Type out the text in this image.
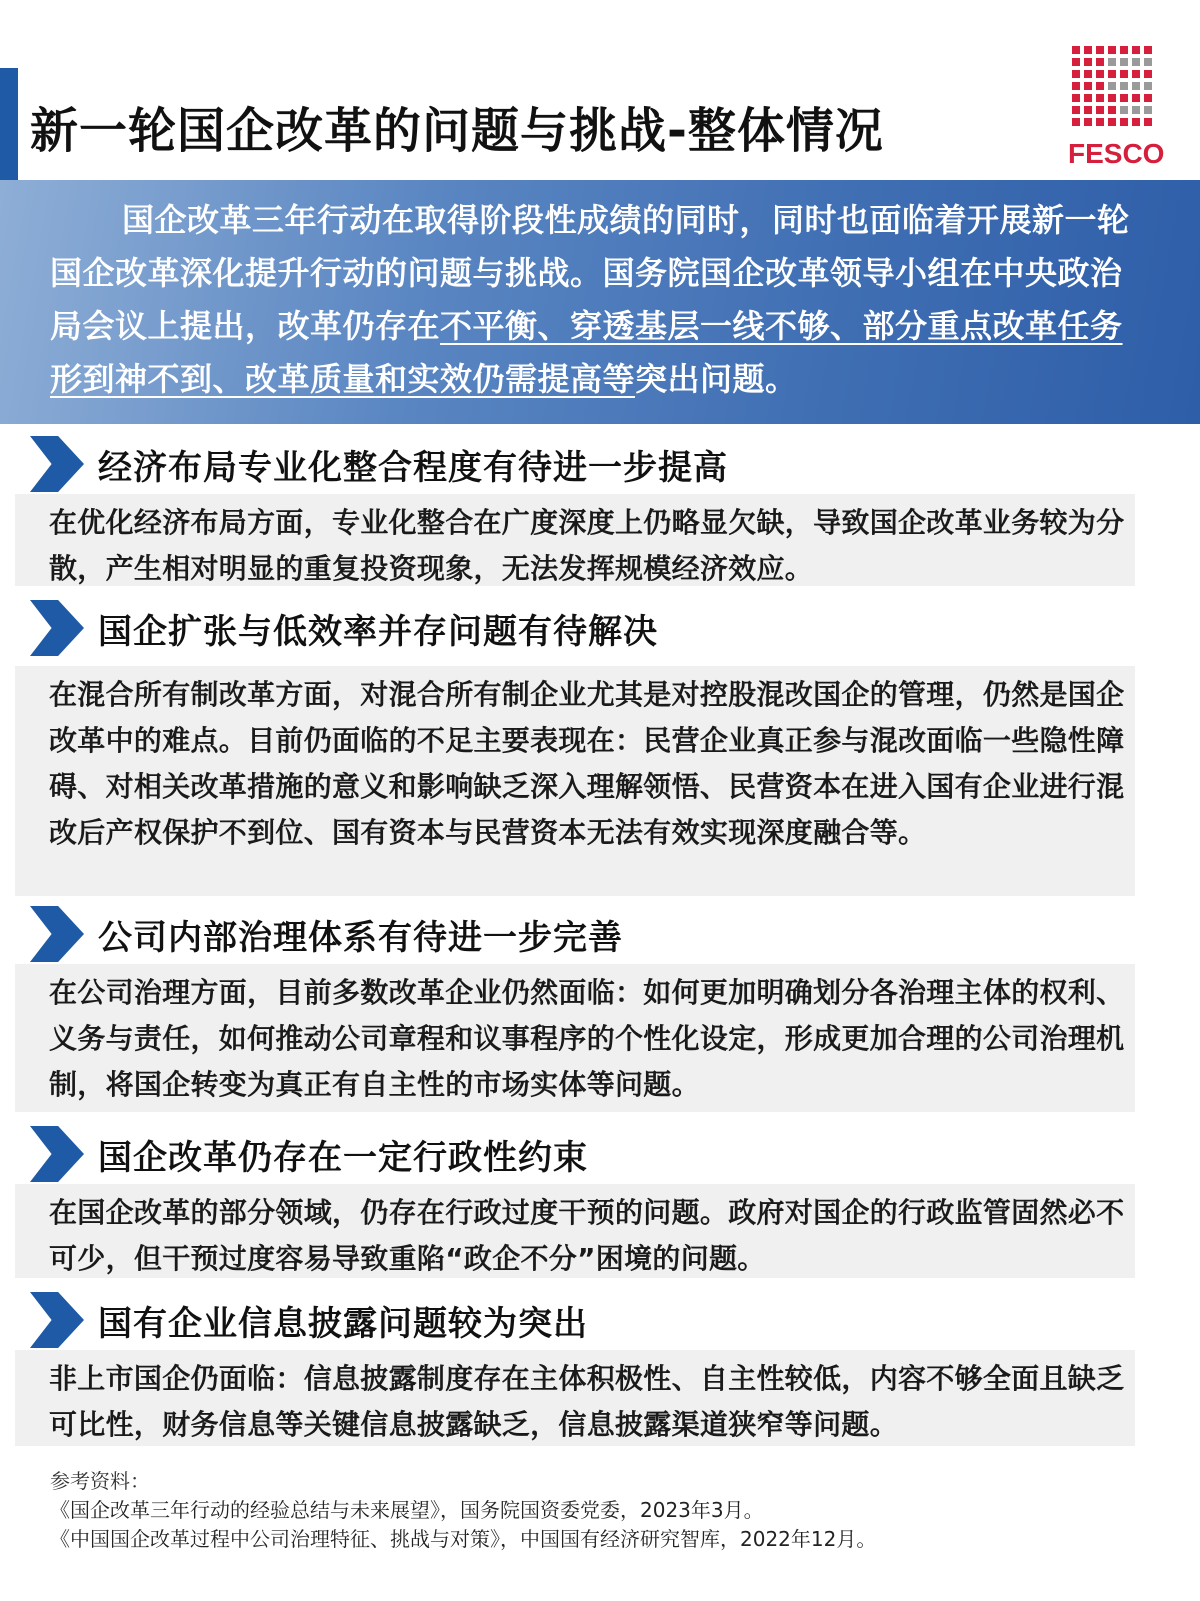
新一轮国企改革的问题与挑战-整体情况	FESCO

国企改革三年行动在取得阶段性成绩的同时，同时也面临着开展新一轮国企改革深化提升行动的问题与挑战。国务院国企改革领导小组在中央政治局会议上提出，改革仍存在不平衡、穿透基层一线不够、部分重点改革任务形到神不到、改革质量和实效仍需提高等突出问题。

经济布局专业化整合程度有待进一步提高

在优化经济布局方面，专业化整合在广度深度上仍略显欠缺，导致国企改革业务较为分散，产生相对明显的重复投资现象，无法发挥规模经济效应。

国企扩张与低效率并存问题有待解决

在混合所有制改革方面，对混合所有制企业尤其是对控股混改国企的管理，仍然是国企改革中的难点。目前仍面临的不足主要表现在：民营企业真正参与混改面临一些隐性障碍、对相关改革措施的意义和影响缺乏深入理解领悟、民营资本在进入国有企业进行混改后产权保护不到位、国有资本与民营资本无法有效实现深度融合等。

公司内部治理体系有待进一步完善

在公司治理方面，目前多数改革企业仍然面临：如何更加明确划分各治理主体的权利、义务与责任，如何推动公司章程和议事程序的个性化设定，形成更加合理的公司治理机制，将国企转变为真正有自主性的市场实体等问题。

国企改革仍存在一定行政性约束

在国企改革的部分领域，仍存在行政过度干预的问题。政府对国企的行政监管固然必不可少，但干预过度容易导致重陷“政企不分”困境的问题。

国有企业信息披露问题较为突出

非上市国企仍面临：信息披露制度存在主体积极性、自主性较低，内容不够全面且缺乏可比性，财务信息等关键信息披露缺乏，信息披露渠道狭窄等问题。

参考资料：
《国企改革三年行动的经验总结与未来展望》，国务院国资委党委，2023年3月。
《中国国企改革过程中公司治理特征、挑战与对策》，中国国有经济研究智库，2022年12月。
